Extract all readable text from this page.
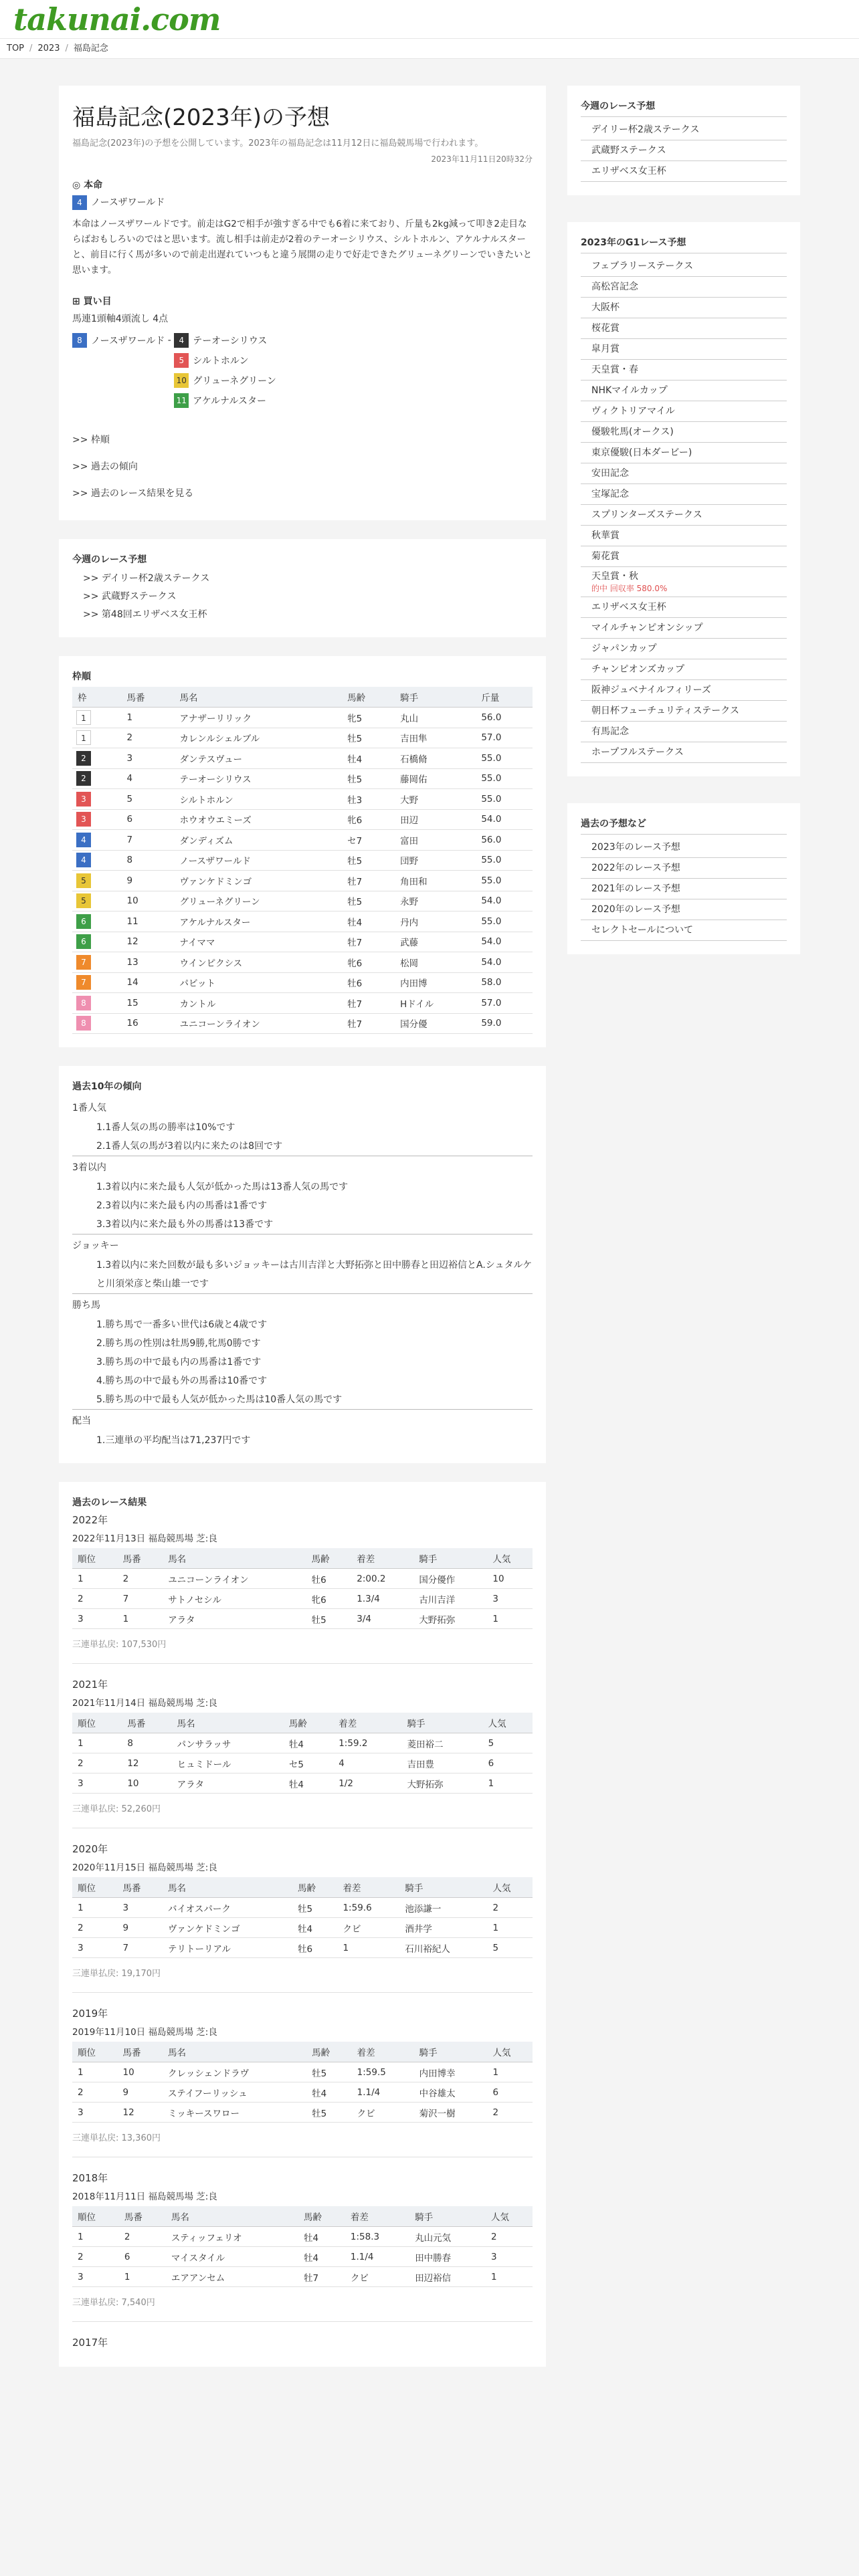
takunai.com
TOP / 2023 / 福島記念
福島記念(2023年)の予想

福島記念(2023年)の予想を公開しています。2023年の福島記念は11月12日に福島競馬場で行われます。

2023年11月11日20時32分

◎ 本命
4 ノースザワールド

本命はノースザワールドです。前走はG2で相手が強すぎる中でも6着に来ており、斤量も2kg減って叩き2走目ならばおもしろいのではと思います。流し相手は前走が2着のテーオーシリウス、シルトホルン、アケルナルスターと、前目に行く馬が多いので前走出遅れていつもと違う展開の走りで好走できたグリューネグリーンでいきたいと思います。

⊞ 買い目
馬連1頭軸4頭流し 4点
8 ノースザワールド - 4 テーオーシリウス
5 シルトホルン
10 グリューネグリーン
11 アケルナルスター
>> 枠順
>> 過去の傾向
>> 過去のレース結果を見る
今週のレース予想
>> デイリー杯2歳ステークス
>> 武蔵野ステークス
>> 第48回エリザベス女王杯
枠順
枠	馬番	馬名	馬齢	騎手	斤量
1	1	アナザーリリック	牝5	丸山	56.0
1	2	カレンルシェルブル	牡5	吉田隼	57.0
2	3	ダンテスヴュー	牡4	石橋脩	55.0
2	4	テーオーシリウス	牡5	藤岡佑	55.0
3	5	シルトホルン	牡3	大野	55.0
3	6	ホウオウエミーズ	牝6	田辺	54.0
4	7	ダンディズム	セ7	富田	56.0
4	8	ノースザワールド	牡5	団野	55.0
5	9	ヴァンケドミンゴ	牡7	角田和	55.0
5	10	グリューネグリーン	牡5	永野	54.0
6	11	アケルナルスター	牡4	丹内	55.0
6	12	ナイママ	牡7	武藤	54.0
7	13	ウインピクシス	牝6	松岡	54.0
7	14	パビット	牡6	内田博	58.0
8	15	カントル	牡7	Hドイル	57.0
8	16	ユニコーンライオン	牡7	国分優	59.0
過去10年の傾向
1番人気
1.1番人気の馬の勝率は10%です
2.1番人気の馬が3着以内に来たのは8回です
3着以内
1.3着以内に来た最も人気が低かった馬は13番人気の馬です
2.3着以内に来た最も内の馬番は1番です
3.3着以内に来た最も外の馬番は13番です
ジョッキー
1.3着以内に来た回数が最も多いジョッキーは古川吉洋と大野拓弥と田中勝春と田辺裕信とA.シュタルケと川須栄彦と柴山雄一です
勝ち馬
1.勝ち馬で一番多い世代は6歳と4歳です
2.勝ち馬の性別は牡馬9勝,牝馬0勝です
3.勝ち馬の中で最も内の馬番は1番です
4.勝ち馬の中で最も外の馬番は10番です
5.勝ち馬の中で最も人気が低かった馬は10番人気の馬です
配当
1.三連単の平均配当は71,237円です
過去のレース結果
2022年
2022年11月13日 福島競馬場 芝:良
順位	馬番	馬名	馬齢	着差	騎手	人気
1	2	ユニコーンライオン	牡6	2:00.2	国分優作	10
2	7	サトノセシル	牝6	1.3/4	古川吉洋	3
3	1	アラタ	牡5	3/4	大野拓弥	1
三連単払戻: 107,530円
2021年
2021年11月14日 福島競馬場 芝:良
順位	馬番	馬名	馬齢	着差	騎手	人気
1	8	パンサラッサ	牡4	1:59.2	菱田裕二	5
2	12	ヒュミドール	セ5	4	吉田豊	6
3	10	アラタ	牡4	1/2	大野拓弥	1
三連単払戻: 52,260円
2020年
2020年11月15日 福島競馬場 芝:良
順位	馬番	馬名	馬齢	着差	騎手	人気
1	3	バイオスパーク	牡5	1:59.6	池添謙一	2
2	9	ヴァンケドミンゴ	牡4	クビ	酒井学	1
3	7	テリトーリアル	牡6	1	石川裕紀人	5
三連単払戻: 19,170円
2019年
2019年11月10日 福島競馬場 芝:良
順位	馬番	馬名	馬齢	着差	騎手	人気
1	10	クレッシェンドラヴ	牡5	1:59.5	内田博幸	1
2	9	ステイフーリッシュ	牡4	1.1/4	中谷雄太	6
3	12	ミッキースワロー	牡5	クビ	菊沢一樹	2
三連単払戻: 13,360円
2018年
2018年11月11日 福島競馬場 芝:良
順位	馬番	馬名	馬齢	着差	騎手	人気
1	2	スティッフェリオ	牡4	1:58.3	丸山元気	2
2	6	マイスタイル	牡4	1.1/4	田中勝春	3
3	1	エアアンセム	牡7	クビ	田辺裕信	1
三連単払戻: 7,540円
2017年
今週のレース予想
デイリー杯2歳ステークス
武蔵野ステークス
エリザベス女王杯
2023年のG1レース予想
フェブラリーステークス
高松宮記念
大阪杯
桜花賞
皐月賞
天皇賞・春
NHKマイルカップ
ヴィクトリアマイル
優駿牝馬(オークス)
東京優駿(日本ダービー)
安田記念
宝塚記念
スプリンターズステークス
秋華賞
菊花賞
天皇賞・秋
的中 回収率 580.0%
エリザベス女王杯
マイルチャンピオンシップ
ジャパンカップ
チャンピオンズカップ
阪神ジュベナイルフィリーズ
朝日杯フューチュリティステークス
有馬記念
ホープフルステークス
過去の予想など
2023年のレース予想
2022年のレース予想
2021年のレース予想
2020年のレース予想
セレクトセールについて
